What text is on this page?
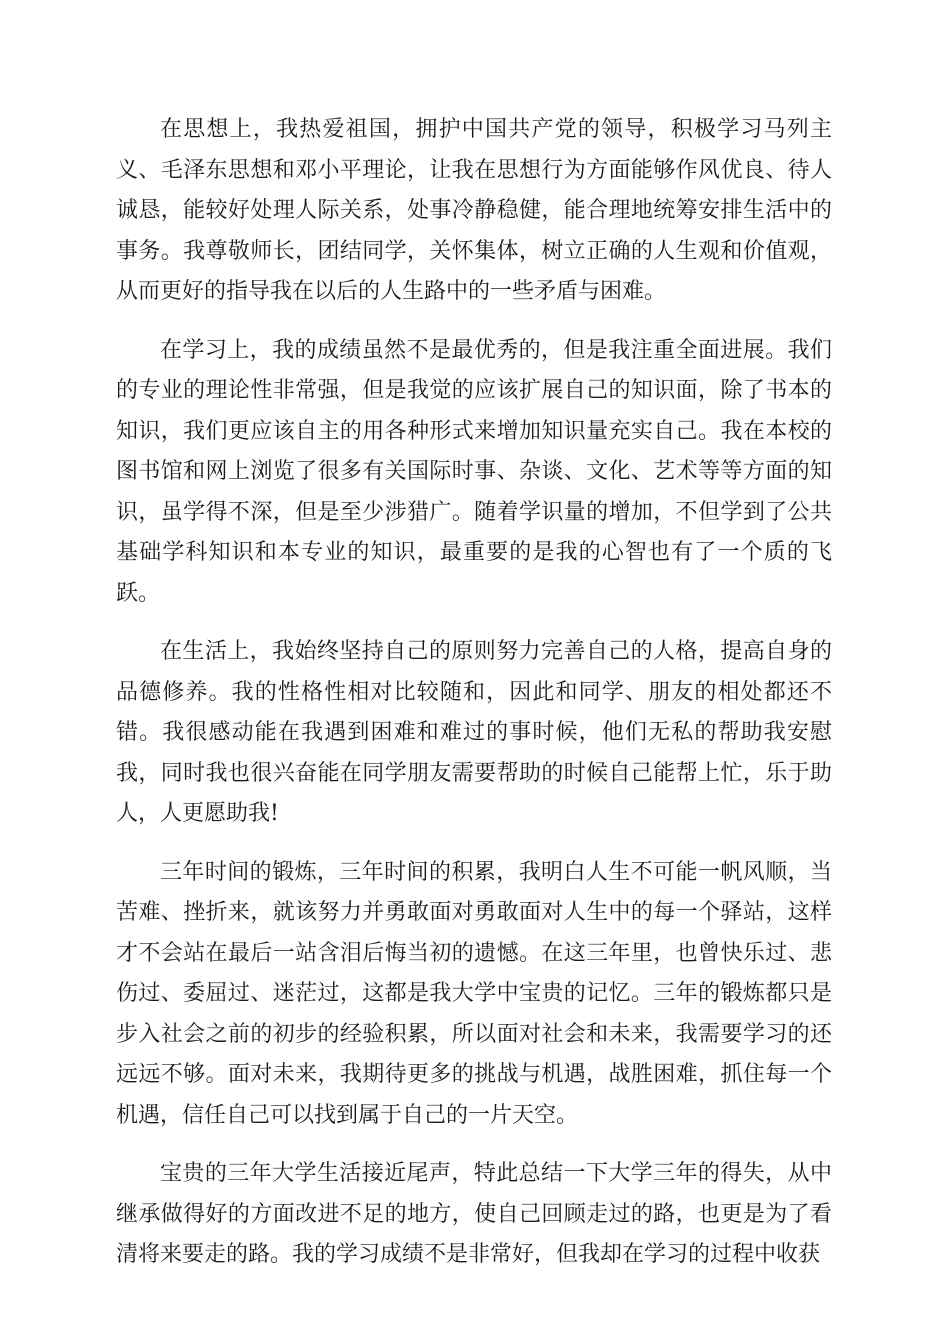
在思想上，我热爱祖国，拥护中国共产党的领导，积极学习马列主义、毛泽东思想和邓小平理论，让我在思想行为方面能够作风优良、待人诚恳，能较好处理人际关系，处事冷静稳健，能合理地统筹安排生活中的事务。我尊敬师长，团结同学，关怀集体，树立正确的人生观和价值观，从而更好的指导我在以后的人生路中的一些矛盾与困难。

在学习上，我的成绩虽然不是最优秀的，但是我注重全面进展。我们的专业的理论性非常强，但是我觉的应该扩展自己的知识面，除了书本的知识，我们更应该自主的用各种形式来增加知识量充实自己。我在本校的图书馆和网上浏览了很多有关国际时事、杂谈、文化、艺术等等方面的知识，虽学得不深，但是至少涉猎广。随着学识量的增加，不但学到了公共基础学科知识和本专业的知识，最重要的是我的心智也有了一个质的飞跃。

在生活上，我始终坚持自己的原则努力完善自己的人格，提高自身的品德修养。我的性格性相对比较随和，因此和同学、朋友的相处都还不错。我很感动能在我遇到困难和难过的事时候，他们无私的帮助我安慰我，同时我也很兴奋能在同学朋友需要帮助的时候自己能帮上忙，乐于助人，人更愿助我!

三年时间的锻炼，三年时间的积累，我明白人生不可能一帆风顺，当苦难、挫折来，就该努力并勇敢面对勇敢面对人生中的每一个驿站，这样才不会站在最后一站含泪后悔当初的遗憾。在这三年里，也曾快乐过、悲伤过、委屈过、迷茫过，这都是我大学中宝贵的记忆。三年的锻炼都只是步入社会之前的初步的经验积累，所以面对社会和未来，我需要学习的还远远不够。面对未来，我期待更多的挑战与机遇，战胜困难，抓住每一个机遇，信任自己可以找到属于自己的一片天空。

宝贵的三年大学生活接近尾声，特此总结一下大学三年的得失，从中继承做得好的方面改进不足的地方，使自己回顾走过的路，也更是为了看清将来要走的路。我的学习成绩不是非常好，但我却在学习的过程中收获
